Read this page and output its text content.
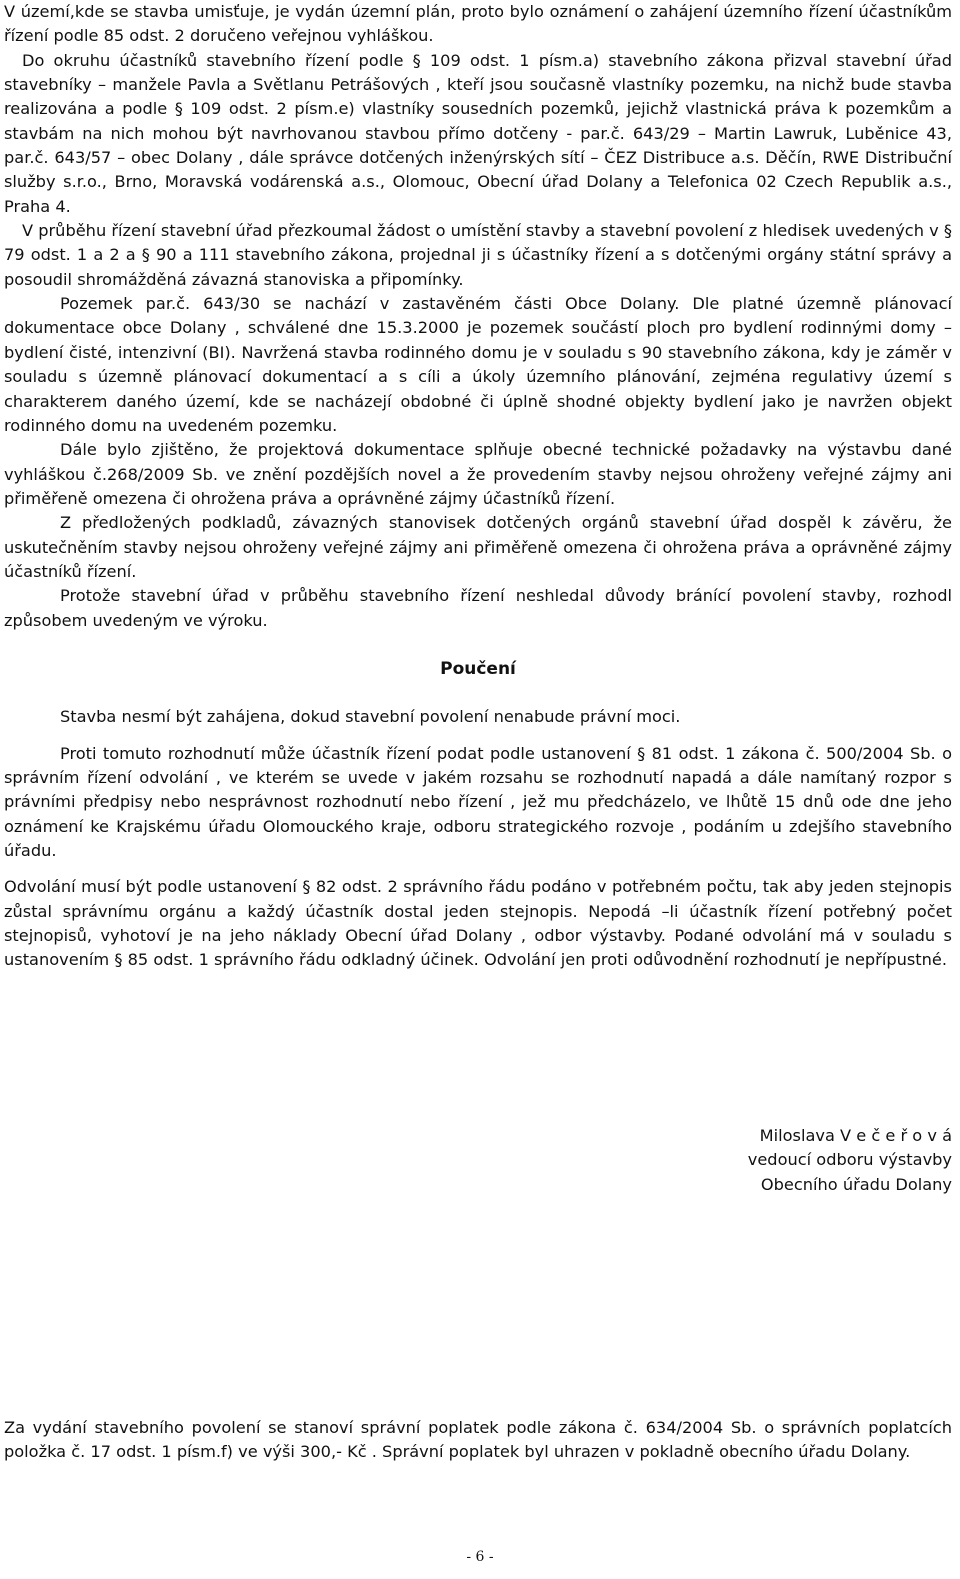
V území,kde se stavba umisťuje, je vydán územní plán, proto bylo oznámení o zahájení územního řízení účastníkům řízení podle 85 odst. 2 doručeno veřejnou vyhláškou.

Do okruhu účastníků stavebního řízení podle § 109 odst. 1 písm.a) stavebního zákona přizval stavební úřad stavebníky – manžele Pavla a Světlanu Petrášových , kteří jsou současně vlastníky pozemku, na nichž bude stavba realizována a podle § 109 odst. 2 písm.e) vlastníky sousedních pozemků, jejichž vlastnická práva k pozemkům a stavbám na nich mohou být navrhovanou stavbou přímo dotčeny - par.č. 643/29 – Martin Lawruk, Luběnice 43, par.č. 643/57 – obec Dolany , dále správce dotčených inženýrských sítí – ČEZ Distribuce a.s. Děčín, RWE Distribuční služby s.r.o., Brno, Moravská vodárenská a.s., Olomouc, Obecní úřad Dolany a Telefonica 02 Czech Republik a.s., Praha 4.

V průběhu řízení stavební úřad přezkoumal žádost o umístění stavby a stavební povolení z hledisek uvedených v § 79 odst. 1 a 2 a § 90 a 111 stavebního zákona, projednal ji s účastníky řízení a s dotčenými orgány státní správy a posoudil shromážděná závazná stanoviska a připomínky.

Pozemek par.č. 643/30 se nachází v zastavěném části Obce Dolany. Dle platné územně plánovací dokumentace obce Dolany , schválené dne 15.3.2000 je pozemek součástí ploch pro bydlení rodinnými domy – bydlení čisté, intenzivní (BI). Navržená stavba rodinného domu je v souladu s 90 stavebního zákona, kdy je záměr v souladu s územně plánovací dokumentací a s cíli a úkoly územního plánování, zejména regulativy území s charakterem daného území, kde se nacházejí obdobné či úplně shodné objekty bydlení jako je navržen objekt rodinného domu na uvedeném pozemku.

Dále bylo zjištěno, že projektová dokumentace splňuje obecné technické požadavky na výstavbu dané vyhláškou č.268/2009 Sb. ve znění pozdějších novel a že provedením stavby nejsou ohroženy veřejné zájmy ani přiměřeně omezena či ohrožena práva a oprávněné zájmy účastníků řízení.

Z předložených podkladů, závazných stanovisek dotčených orgánů stavební úřad dospěl k závěru, že uskutečněním stavby nejsou ohroženy veřejné zájmy ani přiměřeně omezena či ohrožena práva a oprávněné zájmy účastníků řízení.

Protože stavební úřad v průběhu stavebního řízení neshledal důvody bránící povolení stavby, rozhodl způsobem uvedeným ve výroku.

Poučení

Stavba nesmí být zahájena, dokud stavební povolení nenabude právní moci.

Proti tomuto rozhodnutí může účastník řízení podat podle ustanovení § 81 odst. 1 zákona č. 500/2004 Sb. o správním řízení odvolání , ve kterém se uvede v jakém rozsahu se rozhodnutí napadá a dále namítaný rozpor s právními předpisy nebo nesprávnost rozhodnutí nebo řízení , jež mu předcházelo, ve lhůtě 15 dnů ode dne jeho oznámení ke Krajskému úřadu Olomouckého kraje, odboru strategického rozvoje , podáním u zdejšího stavebního úřadu.

Odvolání musí být podle ustanovení § 82 odst. 2 správního řádu podáno v potřebném počtu, tak aby jeden stejnopis zůstal správnímu orgánu a každý účastník dostal jeden stejnopis. Nepodá –li účastník řízení potřebný počet stejnopisů, vyhotoví je na jeho náklady Obecní úřad Dolany , odbor výstavby. Podané odvolání má v souladu s ustanovením § 85 odst. 1 správního řádu odkladný účinek. Odvolání jen proti odůvodnění rozhodnutí je nepřípustné.

Miloslava V e č e ř o v á
vedoucí odboru výstavby
Obecního úřadu Dolany

Za vydání stavebního povolení se stanoví správní poplatek podle zákona č. 634/2004 Sb. o správních poplatcích položka č. 17 odst. 1 písm.f) ve výši 300,- Kč . Správní poplatek byl uhrazen v pokladně obecního úřadu Dolany.

- 6 -
